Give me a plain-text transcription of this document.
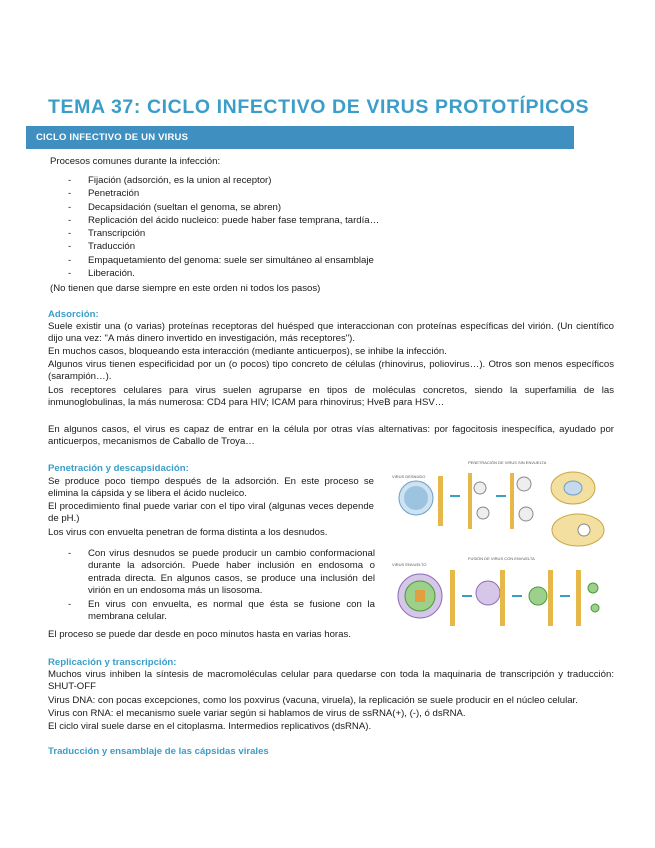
TEMA 37: CICLO INFECTIVO DE VIRUS PROTOTÍPICOS
CICLO INFECTIVO DE UN VIRUS

Procesos comunes durante la infección:

- Fijación (adsorción, es la union al receptor)
- Penetración
- Decapsidación (sueltan el genoma, se abren)
- Replicación del ácido nucleico: puede haber fase temprana, tardía…
- Transcripción
- Traducción
- Empaquetamiento del genoma: suele ser simultáneo al ensamblaje
- Liberación.

(No tienen que darse siempre en este orden ni todos los pasos)

Adsorción:

Suele existir una (o varias) proteínas receptoras del huésped que interaccionan con proteínas específicas del virión. (Un científico dijo una vez: "A más dinero invertido en investigación, más receptores").

En muchos casos, bloqueando esta interacción (mediante anticuerpos), se inhibe la infección.

Algunos virus tienen especificidad por un (o pocos) tipo concreto de células (rhinovirus, poliovirus…). Otros son menos específicos (sarampión…).

Los receptores celulares para virus suelen agruparse en tipos de moléculas concretos, siendo la superfamilia de las inmunoglobulinas, la más numerosa: CD4 para HIV; ICAM para rhinovirus; HveB para HSV…

En algunos casos, el virus es capaz de entrar en la célula por otras vías alternativas: por fagocitosis inespecífica, ayudado por anticuerpos, mecanismos de Caballo de Troya…

Penetración y descapsidación:

Se produce poco tiempo después de la adsorción. En este proceso se elimina la cápsida y se libera el ácido nucleico.

El procedimiento final puede variar con el tipo viral (algunas veces depende de pH.)

Los virus con envuelta penetran de forma distinta a los desnudos.

- Con virus desnudos se puede producir un cambio conformacional durante la adsorción. Puede haber inclusión en endosoma o entrada directa. En algunos casos, se produce una inclusión del virión en un endosoma más un lisosoma.
- En virus con envuelta, es normal que ésta se fusione con la membrana celular.

El proceso se puede dar desde en poco minutos hasta en varias horas.

PENETRACIÓN DE VIRUS SIN ENVUELTA
VIRUS DESNUDO
FUSIÓN DE VIRUS CON ENVUELTA
VIRUS ENVUELTO

Replicación y transcripción:

Muchos virus inhiben la síntesis de macromoléculas celular para quedarse con toda la maquinaria de transcripción y traducción: SHUT-OFF

Virus DNA: con pocas excepciones, como los poxvirus (vacuna, viruela), la replicación se suele producir en el núcleo celular.

Virus con RNA: el mecanismo suele variar según si hablamos de virus de ssRNA(+), (-), ó dsRNA.

El ciclo viral suele darse en el citoplasma. Intermedios replicativos (dsRNA).

Traducción y ensamblaje de las cápsidas virales
